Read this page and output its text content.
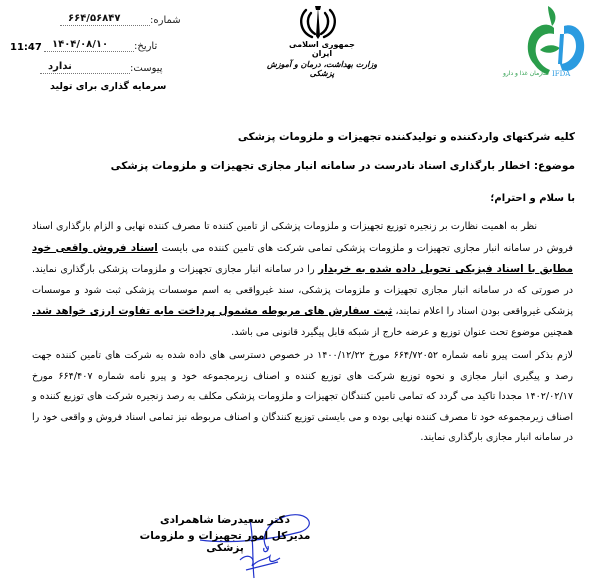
شماره:
۶۶۴/۵۶۸۴۷
تاریخ:
۱۴۰۴/۰۸/۱۰
11:47
پیوست:
ندارد
سرمایه گذاری برای تولید
جمهوری اسلامی ایران
وزارت بهداشت، درمان و آموزش پزشکی	سازمان غذا و دارو IFDA
کلیه شرکتهای واردکننده و تولیدکننده تجهیزات و ملزومات پزشکی
موضوع: اخطار بارگذاری اسناد نادرست در سامانه انبار مجازی تجهیزات و ملزومات پزشکی
با سلام و احترام؛
نظر به اهمیت نظارت بر زنجیره توزیع تجهیزات و ملزومات پزشکی از تامین کننده تا مصرف کننده نهایی و الزام بارگذاری اسناد فروش در سامانه انبار مجازی تجهیزات و ملزومات پزشکی تمامی شرکت های تامین کننده می بایست اسناد فروش واقعی خود مطابق با اسناد فیزیکی تحویل داده شده به خریدار را در سامانه انبار مجازی تجهیزات و ملزومات پزشکی بارگذاری نمایند. در صورتی که در سامانه انبار مجازی تجهیزات و ملزومات پزشکی، سند غیرواقعی به اسم موسسات پزشکی ثبت شود و موسسات پزشکی غیرواقعی بودن اسناد را اعلام نمایند، ثبت سفارش های مربوطه مشمول پرداخت مابه تفاوت ارزی خواهد شد. همچنین موضوع تحت عنوان توزیع و عرضه خارج از شبکه قابل پیگیرد قانونی می باشد.
لازم بذکر است پیرو نامه شماره ۶۶۴/۷۲۰۵۲ مورخ ۱۴۰۰/۱۲/۲۲ در خصوص دسترسی های داده شده به شرکت های تامین کننده جهت رصد و پیگیری انبار مجازی و نحوه توزیع شرکت های توزیع کننده و اصناف زیرمجموعه خود و پیرو نامه شماره ۶۶۴/۴۰۷ مورخ ۱۴۰۲/۰۲/۱۷ مجددا تاکید می گردد که تمامی تامین کنندگان تجهیزات و ملزومات پزشکی مکلف به رصد زنجیره شرکت های توزیع کننده و اصناف زیرمجموعه خود تا مصرف کننده نهایی بوده و می بایستی توزیع کنندگان و اصناف مربوطه نیز تمامی اسناد فروش و واقعی خود را در سامانه انبار مجازی بارگذاری نمایند.
دکتر سعیدرضا شاهمرادی
مدیرکل امور تجهیزات و ملزومات پزشکی
